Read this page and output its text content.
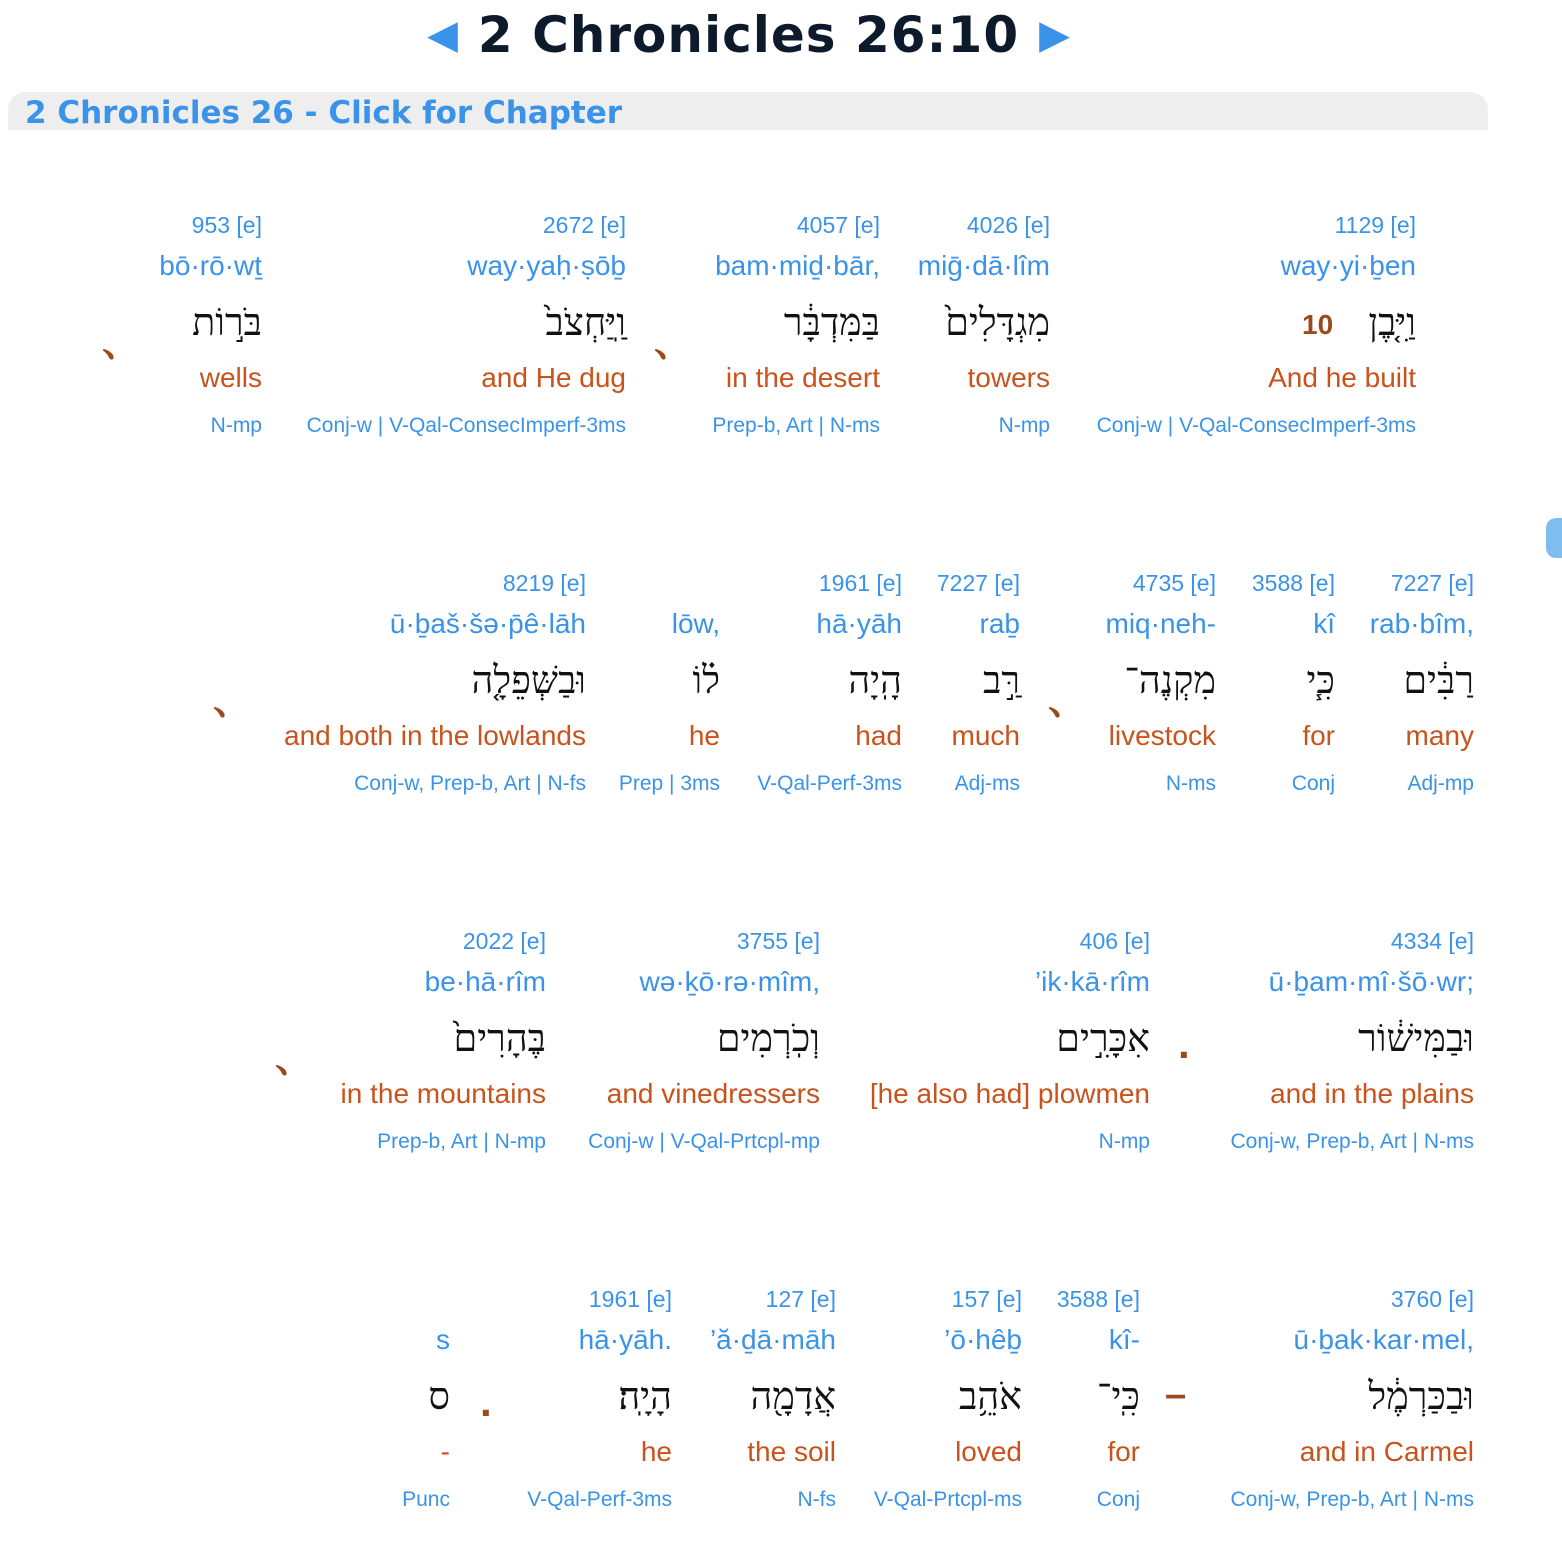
◀ 2 Chronicles 26:10 ▶
2 Chronicles 26 - Click for Chapter
10
、
、
1129 [e]
way·yi·ḇen
וַיִּ֤בֶן
And he built
Conj-w | V-Qal-ConsecImperf-3ms
4026 [e]
miḡ·dā·lîm
מִגְדָּלִים֙
towers
N-mp
4057 [e]
bam·miḏ·bār,
בַּמִּדְבָּ֔ר
in the desert
Prep-b, Art | N-ms
2672 [e]
way·yaḥ·ṣōḇ
וַֽיַּחְצֹב֙
and He dug
Conj-w | V-Qal-ConsecImperf-3ms
953 [e]
bō·rō·wṯ
בֹּר֣וֹת
wells
N-mp
、
、
7227 [e]
rab·bîm,
רַבִּ֔ים
many
Adj-mp
3588 [e]
kî
כִּ֧י
for
Conj
4735 [e]
miq·neh-
מִקְנֶה־
livestock
N-ms
7227 [e]
raḇ
רַּ֣ב
much
Adj-ms
1961 [e]
hā·yāh
הָֽיָה
had
V-Qal-Perf-3ms
lōw,
ל֗וֹ
he
Prep | 3ms
8219 [e]
ū·ḇaš·šə·p̄ê·lāh
וּבַשְּׁפֵלָ֤ה
and both in the lowlands
Conj-w, Prep-b, Art | N-fs
.
、
4334 [e]
ū·ḇam·mî·šō·wr;
וּבַמִּישׁ֔וֹר
and in the plains
Conj-w, Prep-b, Art | N-ms
406 [e]
’ik·kā·rîm
אִכָּרִ֣ים
[he also had] plowmen
N-mp
3755 [e]
wə·ḵō·rə·mîm,
וְכֹֽרְמִים
and vinedressers
Conj-w | V-Qal-Prtcpl-mp
2022 [e]
be·hā·rîm
בֶּהָרִים֙
in the mountains
Prep-b, Art | N-mp
–
.
3760 [e]
ū·ḇak·kar·mel,
וּבַכַּרְמֶ֔ל
and in Carmel
Conj-w, Prep-b, Art | N-ms
3588 [e]
kî-
כִּֽי־
for
Conj
157 [e]
’ō·hêḇ
אֹהֵ֥ב
loved
V-Qal-Prtcpl-ms
127 [e]
’ă·ḏā·māh
אֲדָמָ֖ה
the soil
N-fs
1961 [e]
hā·yāh.
הָיָֽה׃
he
V-Qal-Perf-3ms
s
ס
-
Punc
